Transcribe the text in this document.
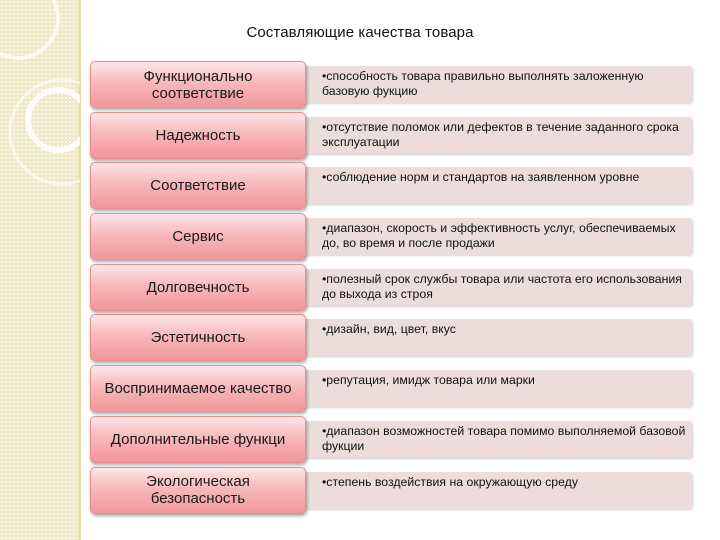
Составляющие качества товара
•способность товара правильно выполнять заложенную базовую фукцию
Функционально соответствие
•отсутствие поломок или дефектов в течение заданного срока эксплуатации
Надежность
•соблюдение норм и стандартов на заявленном уровне
Соответствие
•диапазон, скорость и эффективность услуг, обеспечиваемых до, во время и после продажи
Сервис
•полезный срок службы товара или частота его использования до выхода из строя
Долговечность
•дизайн, вид, цвет, вкус
Эстетичность
•репутация, имидж товара или марки
Воспринимаемое качество
•диапазон возможностей товара помимо выполняемой базовой фукции
Дополнительные функци
•степень воздействия на окружающую среду
Экологическая безопасность
